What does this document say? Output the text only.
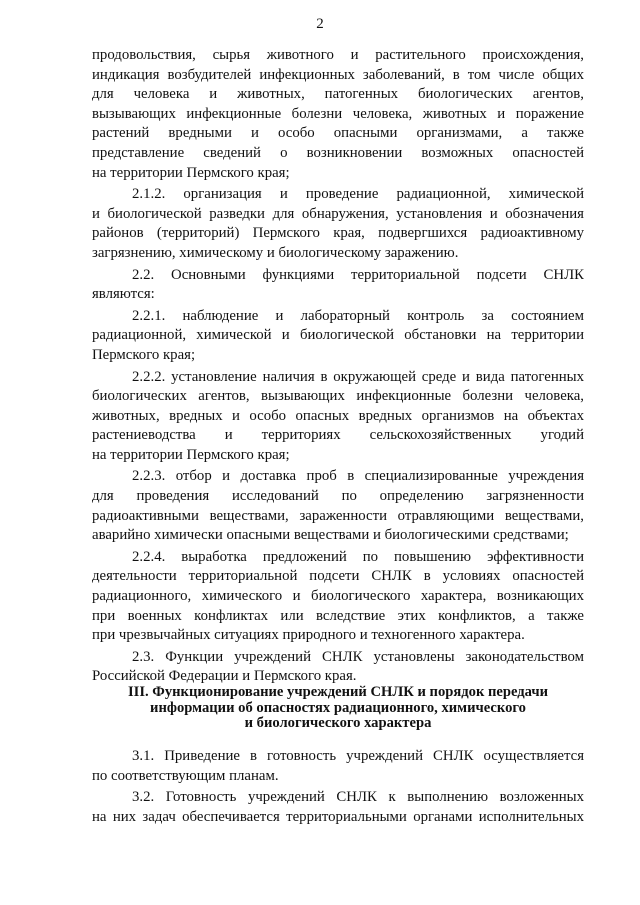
2
продовольствия, сырья животного и растительного происхождения,
индикация возбудителей инфекционных заболеваний, в том числе общих
для человека и животных, патогенных биологических агентов,
вызывающих инфекционные болезни человека, животных и поражение
растений вредными и особо опасными организмами, а также
представление сведений о возникновении возможных опасностей
на территории Пермского края;
2.1.2. организация и проведение радиационной, химической
и биологической разведки для обнаружения, установления и обозначения
районов (территорий) Пермского края, подвергшихся радиоактивному
загрязнению, химическому и биологическому заражению.
2.2. Основными функциями территориальной подсети СНЛК
являются:
2.2.1. наблюдение и лабораторный контроль за состоянием
радиационной, химической и биологической обстановки на территории
Пермского края;
2.2.2. установление наличия в окружающей среде и вида патогенных
биологических агентов, вызывающих инфекционные болезни человека,
животных, вредных и особо опасных вредных организмов на объектах
растениеводства и территориях сельскохозяйственных угодий
на территории Пермского края;
2.2.3. отбор и доставка проб в специализированные учреждения
для проведения исследований по определению загрязненности
радиоактивными веществами, зараженности отравляющими веществами,
аварийно химически опасными веществами и биологическими средствами;
2.2.4. выработка предложений по повышению эффективности
деятельности территориальной подсети СНЛК в условиях опасностей
радиационного, химического и биологического характера, возникающих
при военных конфликтах или вследствие этих конфликтов, а также
при чрезвычайных ситуациях природного и техногенного характера.
2.3. Функции учреждений СНЛК установлены законодательством
Российской Федерации и Пермского края.
III. Функционирование учреждений СНЛК и порядок передачи
информации об опасностях радиационного, химического
и биологического характера
3.1. Приведение в готовность учреждений СНЛК осуществляется
по соответствующим планам.
3.2. Готовность учреждений СНЛК к выполнению возложенных
на них задач обеспечивается территориальными органами исполнительных
